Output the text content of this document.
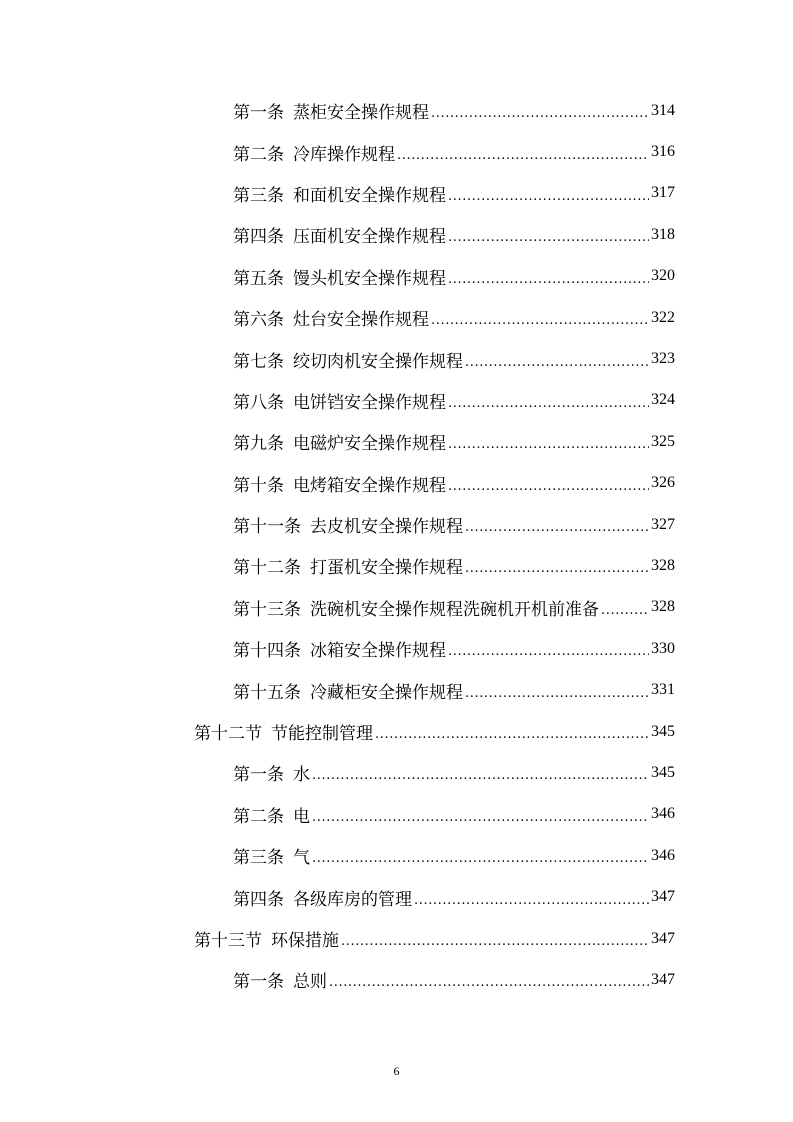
第一条 蒸柜安全操作规程 .....	314
第二条 冷库操作规程 .....	316
第三条 和面机安全操作规程 .....	317
第四条 压面机安全操作规程 .....	318
第五条 馒头机安全操作规程 .....	320
第六条 灶台安全操作规程 .....	322
第七条 绞切肉机安全操作规程 .....	323
第八条 电饼铛安全操作规程 .....	324
第九条 电磁炉安全操作规程 .....	325
第十条 电烤箱安全操作规程 .....	326
第十一条 去皮机安全操作规程 .....	327
第十二条 打蛋机安全操作规程 .....	328
第十三条 洗碗机安全操作规程洗碗机开机前准备 .....	328
第十四条 冰箱安全操作规程 .....	330
第十五条 冷藏柜安全操作规程 .....	331
第十二节 节能控制管理 .....	345
第一条 水 .....	345
第二条 电 .....	346
第三条 气 .....	346
第四条 各级库房的管理 .....	347
第十三节 环保措施 .....	347
第一条 总则 .....	347
6
